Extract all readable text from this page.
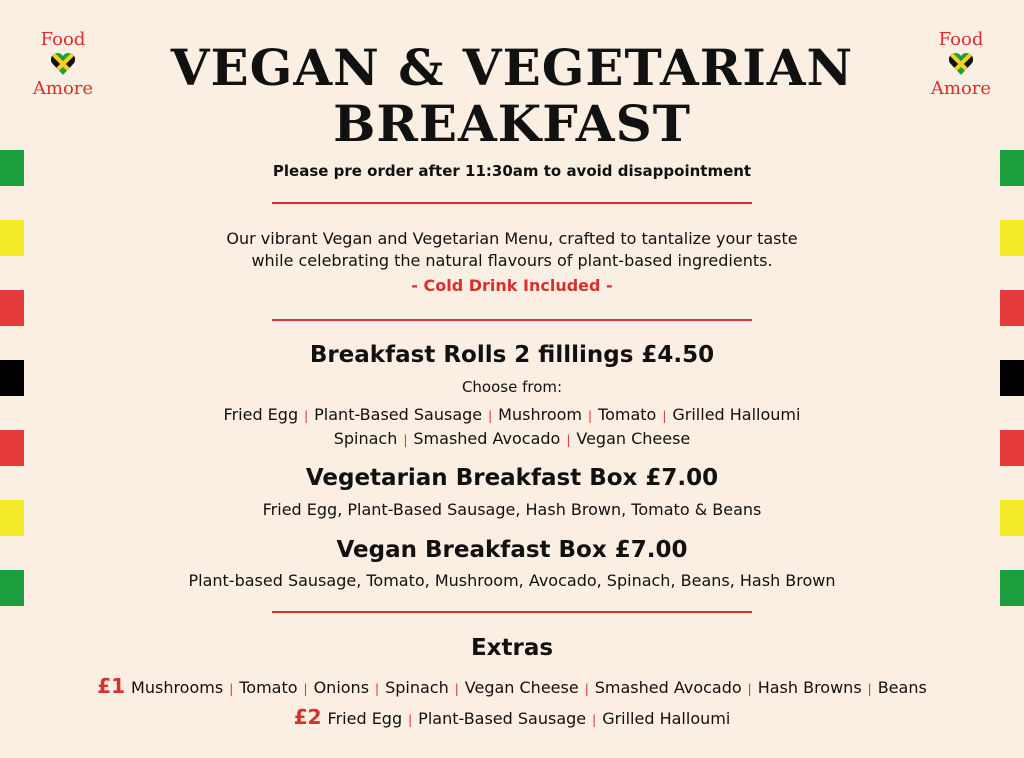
Food
Amore
Food
Amore
VEGAN & VEGETARIAN
BREAKFAST
Please pre order after 11:30am to avoid disappointment
Our vibrant Vegan and Vegetarian Menu, crafted to tantalize your taste
while celebrating the natural flavours of plant-based ingredients.
- Cold Drink Included -
Breakfast Rolls 2 filllings £4.50
Choose from:
Fried Egg | Plant-Based Sausage | Mushroom | Tomato | Grilled Halloumi
Spinach | Smashed Avocado | Vegan Cheese
Vegetarian Breakfast Box £7.00
Fried Egg, Plant-Based Sausage, Hash Brown, Tomato & Beans
Vegan Breakfast Box £7.00
Plant-based Sausage, Tomato, Mushroom, Avocado, Spinach, Beans, Hash Brown
Extras
£1 Mushrooms | Tomato | Onions | Spinach | Vegan Cheese | Smashed Avocado | Hash Browns | Beans
£2 Fried Egg | Plant-Based Sausage | Grilled Halloumi
